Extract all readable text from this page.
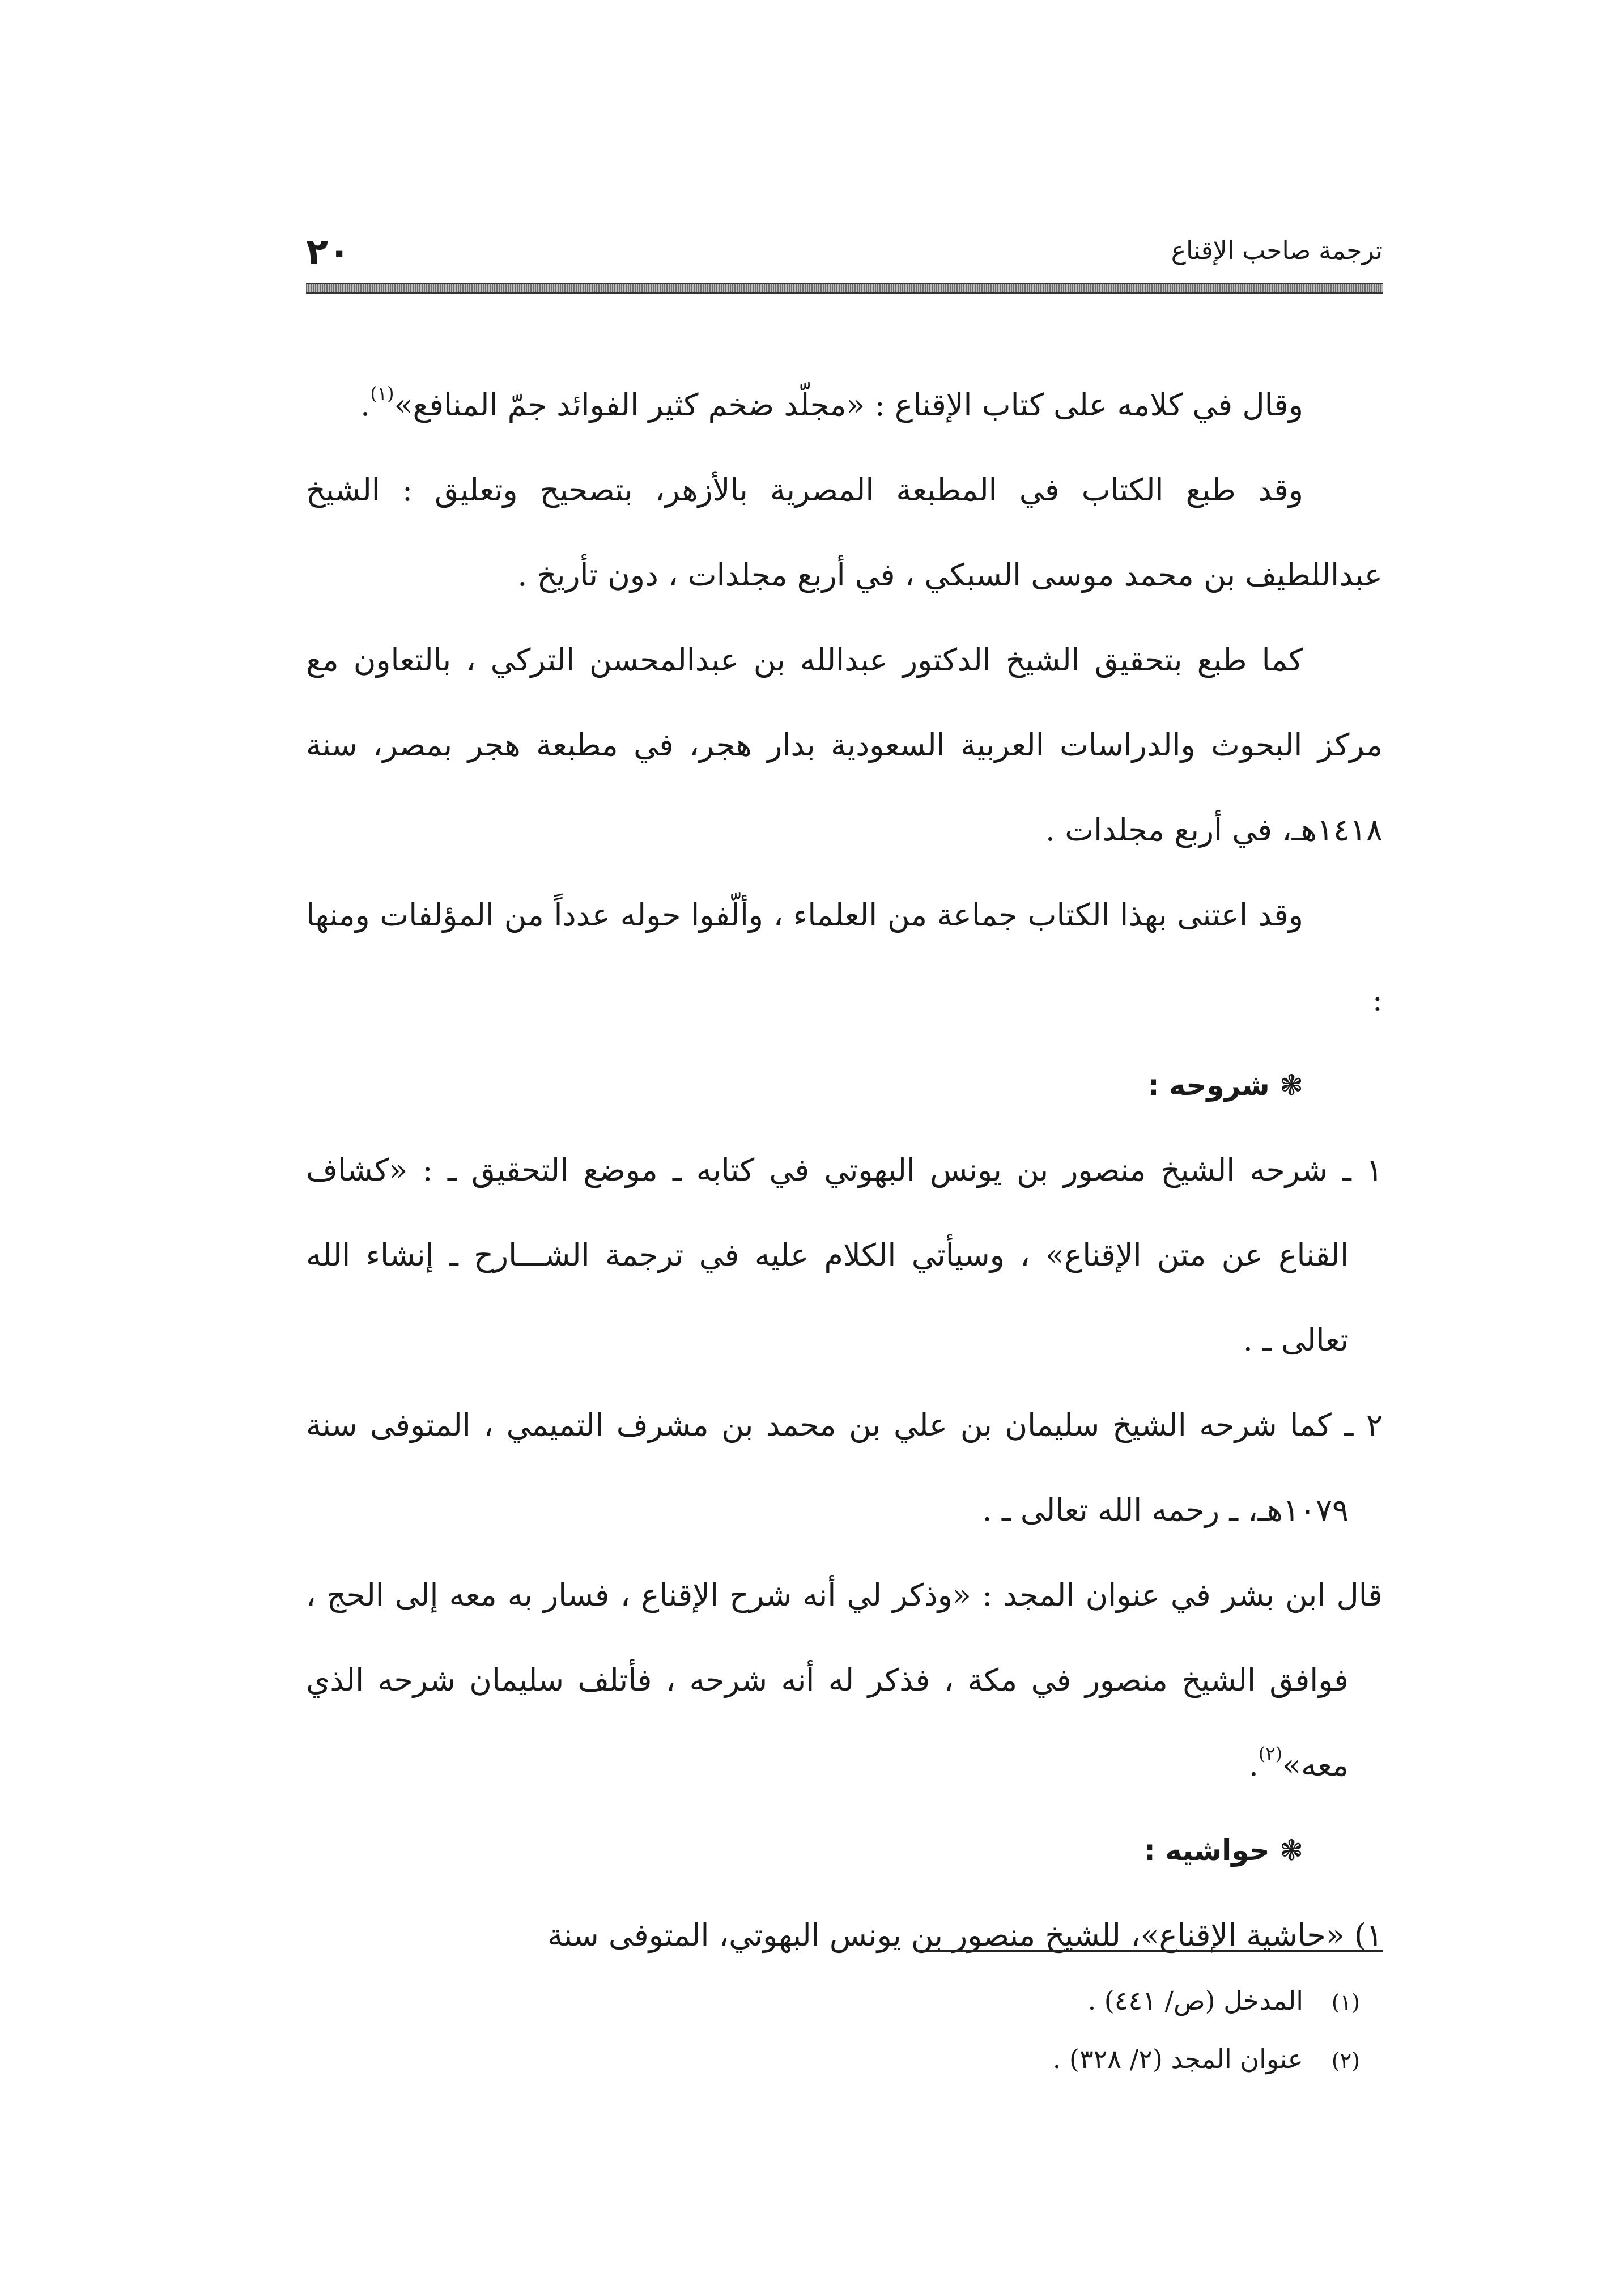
٢٠	ترجمة صاحب الإقناع

وقال في كلامه على كتاب الإقناع : «مجلّد ضخم كثير الفوائد جمّ المنافع»$^{(١)}$.

وقد طبع الكتاب في المطبعة المصرية بالأزهر، بتصحيح وتعليق : الشيخ عبداللطيف بن محمد موسى السبكي ، في أربع مجلدات ، دون تأريخ .

كما طبع بتحقيق الشيخ الدكتور عبدالله بن عبدالمحسن التركي ، بالتعاون مع مركز البحوث والدراسات العربية السعودية بدار هجر، في مطبعة هجر بمصر، سنة ١٤١٨هـ، في أربع مجلدات .

وقد اعتنى بهذا الكتاب جماعة من العلماء ، وألّفوا حوله عدداً من المؤلفات ومنها :

❃ شروحه :

١ ـ شرحه الشيخ منصور بن يونس البهوتي في كتابه ـ موضع التحقيق ـ : «كشاف القناع عن متن الإقناع» ، وسيأتي الكلام عليه في ترجمة الشـــارح ـ إنشاء الله تعالى ـ .

٢ ـ كما شرحه الشيخ سليمان بن علي بن محمد بن مشرف التميمي ، المتوفى سنة ١٠٧٩هـ، ـ رحمه الله تعالى ـ .

قال ابن بشر في عنوان المجد : «وذكر لي أنه شرح الإقناع ، فسار به معه إلى الحج ، فوافق الشيخ منصور في مكة ، فذكر له أنه شرحه ، فأتلف سليمان شرحه الذي معه»$^{(٢)}$.

❃ حواشيه :

١) «حاشية الإقناع»، للشيخ منصور بن يونس البهوتي، المتوفى سنة

(١)المدخل (ص/ ٤٤١) .

(٢)عنوان المجد (٢/ ٣٢٨) .
